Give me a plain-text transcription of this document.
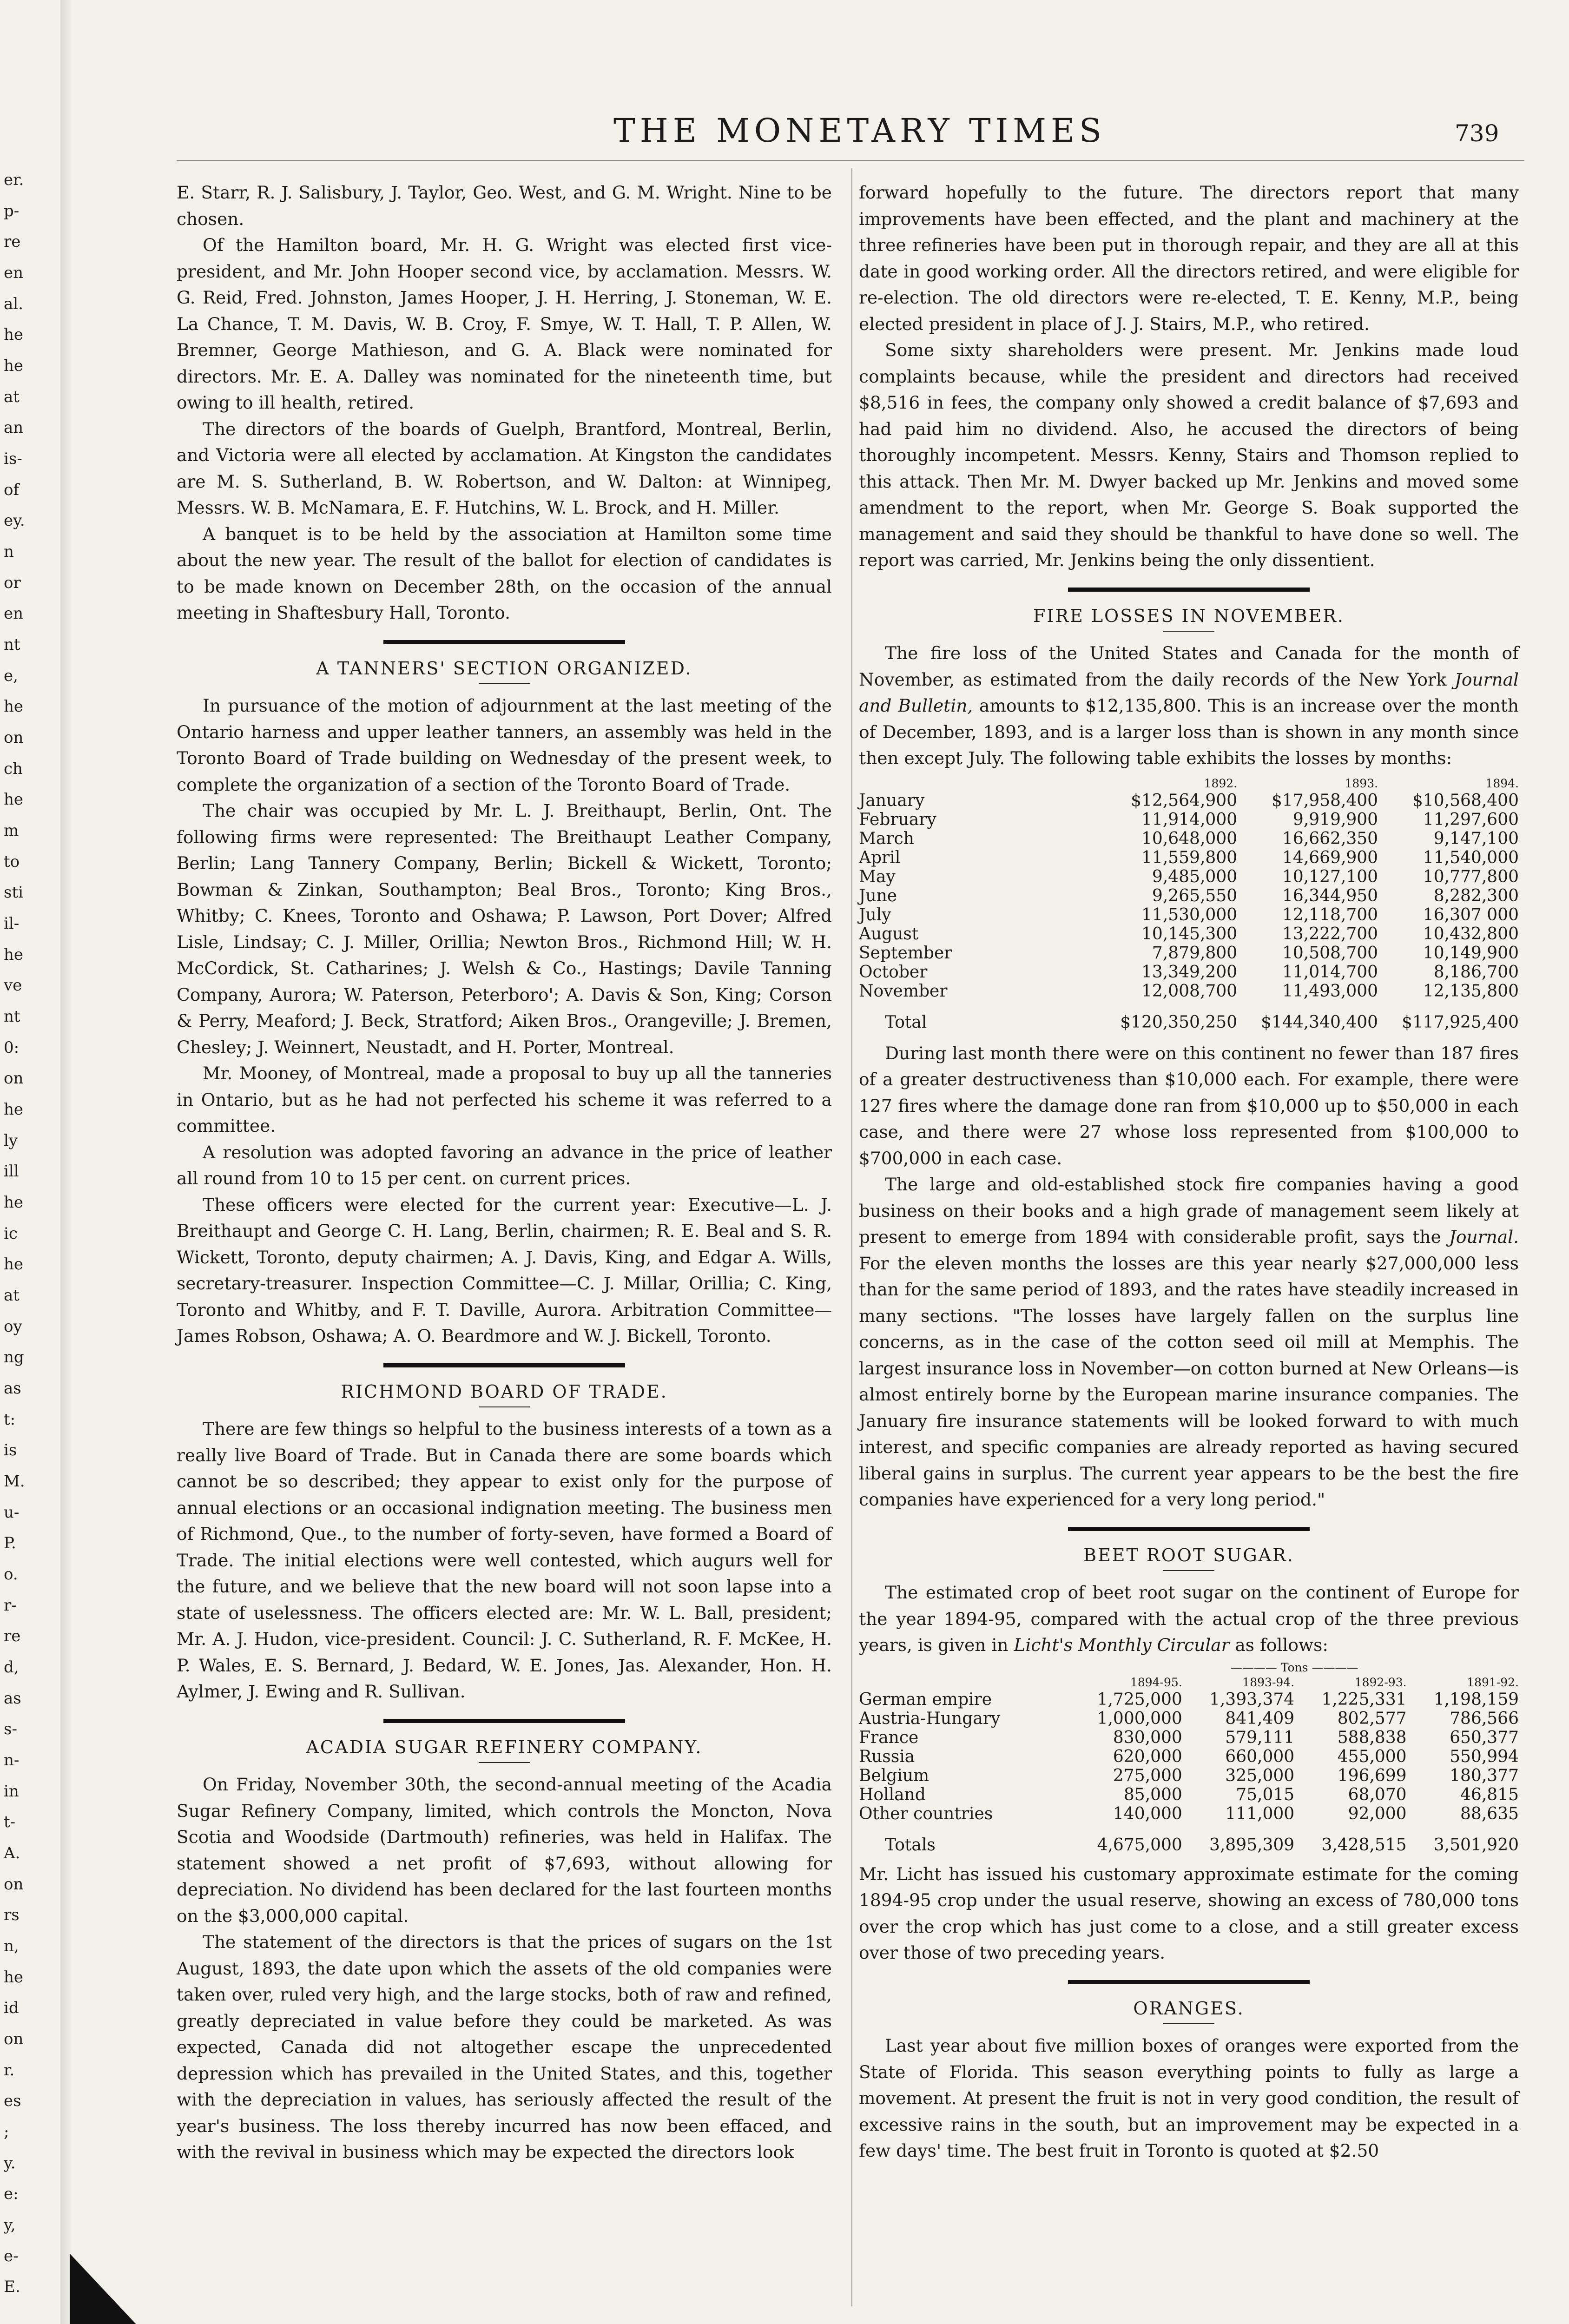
er.
p-
re
en
al.
he
he
at
an
is-
of
ey.
n
or
en
nt
e,
he
on
ch
he
m
to
sti
il-
he
ve
nt
0:
on
he
ly
ill
he
ic
he
at
oy
ng
as
t:
is
M.
u-
P.
o.
r-
re
d,
as
s-
n-
in
t-
A.
on
rs
n,
he
id
on
r.
es
;
y.
e:
y,
e-
E.
THE MONETARY TIMES	739

E. Starr, R. J. Salisbury, J. Taylor, Geo. West, and G. M. Wright. Nine to be chosen.

Of the Hamilton board, Mr. H. G. Wright was elected first vice-president, and Mr. John Hooper second vice, by acclamation. Messrs. W. G. Reid, Fred. Johnston, James Hooper, J. H. Herring, J. Stoneman, W. E. La Chance, T. M. Davis, W. B. Croy, F. Smye, W. T. Hall, T. P. Allen, W. Bremner, George Mathieson, and G. A. Black were nominated for directors. Mr. E. A. Dalley was nominated for the nineteenth time, but owing to ill health, retired.

The directors of the boards of Guelph, Brantford, Montreal, Berlin, and Victoria were all elected by acclamation. At Kingston the candidates are M. S. Sutherland, B. W. Robertson, and W. Dalton: at Winnipeg, Messrs. W. B. McNamara, E. F. Hutchins, W. L. Brock, and H. Miller.

A banquet is to be held by the association at Hamilton some time about the new year. The result of the ballot for election of candidates is to be made known on December 28th, on the occasion of the annual meeting in Shaftesbury Hall, Toronto.

A TANNERS' SECTION ORGANIZED.

In pursuance of the motion of adjournment at the last meeting of the Ontario harness and upper leather tanners, an assembly was held in the Toronto Board of Trade building on Wednesday of the present week, to complete the organization of a section of the Toronto Board of Trade.

The chair was occupied by Mr. L. J. Breithaupt, Berlin, Ont. The following firms were represented: The Breithaupt Leather Company, Berlin; Lang Tannery Company, Berlin; Bickell & Wickett, Toronto; Bowman & Zinkan, Southampton; Beal Bros., Toronto; King Bros., Whitby; C. Knees, Toronto and Oshawa; P. Lawson, Port Dover; Alfred Lisle, Lindsay; C. J. Miller, Orillia; Newton Bros., Richmond Hill; W. H. McCordick, St. Catharines; J. Welsh & Co., Hastings; Davile Tanning Company, Aurora; W. Paterson, Peterboro'; A. Davis & Son, King; Corson & Perry, Meaford; J. Beck, Stratford; Aiken Bros., Orangeville; J. Bremen, Chesley; J. Weinnert, Neustadt, and H. Porter, Montreal.

Mr. Mooney, of Montreal, made a proposal to buy up all the tanneries in Ontario, but as he had not perfected his scheme it was referred to a committee.

A resolution was adopted favoring an advance in the price of leather all round from 10 to 15 per cent. on current prices.

These officers were elected for the current year: Executive—L. J. Breithaupt and George C. H. Lang, Berlin, chairmen; R. E. Beal and S. R. Wickett, Toronto, deputy chairmen; A. J. Davis, King, and Edgar A. Wills, secretary-treasurer. Inspection Committee—C. J. Millar, Orillia; C. King, Toronto and Whitby, and F. T. Daville, Aurora. Arbitration Committee—James Robson, Oshawa; A. O. Beardmore and W. J. Bickell, Toronto.

RICHMOND BOARD OF TRADE.

There are few things so helpful to the business interests of a town as a really live Board of Trade. But in Canada there are some boards which cannot be so described; they appear to exist only for the purpose of annual elections or an occasional indignation meeting. The business men of Richmond, Que., to the number of forty-seven, have formed a Board of Trade. The initial elections were well contested, which augurs well for the future, and we believe that the new board will not soon lapse into a state of uselessness. The officers elected are: Mr. W. L. Ball, president; Mr. A. J. Hudon, vice-president. Council: J. C. Sutherland, R. F. McKee, H. P. Wales, E. S. Bernard, J. Bedard, W. E. Jones, Jas. Alexander, Hon. H. Aylmer, J. Ewing and R. Sullivan.

ACADIA SUGAR REFINERY COMPANY.

On Friday, November 30th, the second-annual meeting of the Acadia Sugar Refinery Company, limited, which controls the Moncton, Nova Scotia and Woodside (Dartmouth) refineries, was held in Halifax. The statement showed a net profit of $7,693, without allowing for depreciation. No dividend has been declared for the last fourteen months on the $3,000,000 capital.

The statement of the directors is that the prices of sugars on the 1st August, 1893, the date upon which the assets of the old companies were taken over, ruled very high, and the large stocks, both of raw and refined, greatly depreciated in value before they could be marketed. As was expected, Canada did not altogether escape the unprecedented depression which has prevailed in the United States, and this, together with the depreciation in values, has seriously affected the result of the year's business. The loss thereby incurred has now been effaced, and with the revival in business which may be expected the directors look

forward hopefully to the future. The directors report that many improvements have been effected, and the plant and machinery at the three refineries have been put in thorough repair, and they are all at this date in good working order. All the directors retired, and were eligible for re-election. The old directors were re-elected, T. E. Kenny, M.P., being elected president in place of J. J. Stairs, M.P., who retired.

Some sixty shareholders were present. Mr. Jenkins made loud complaints because, while the president and directors had received $8,516 in fees, the company only showed a credit balance of $7,693 and had paid him no dividend. Also, he accused the directors of being thoroughly incompetent. Messrs. Kenny, Stairs and Thomson replied to this attack. Then Mr. M. Dwyer backed up Mr. Jenkins and moved some amendment to the report, when Mr. George S. Boak supported the management and said they should be thankful to have done so well. The report was carried, Mr. Jenkins being the only dissentient.

FIRE LOSSES IN NOVEMBER.

The fire loss of the United States and Canada for the month of November, as estimated from the daily records of the New York Journal and Bulletin, amounts to $12,135,800. This is an increase over the month of December, 1893, and is a larger loss than is shown in any month since then except July. The following table exhibits the losses by months:

	1892.	1893.	1894.
January	$12,564,900	$17,958,400	$10,568,400
February	11,914,000	9,919,900	11,297,600
March	10,648,000	16,662,350	9,147,100
April	11,559,800	14,669,900	11,540,000
May	9,485,000	10,127,100	10,777,800
June	9,265,550	16,344,950	8,282,300
July	11,530,000	12,118,700	16,307 000
August	10,145,300	13,222,700	10,432,800
September	7,879,800	10,508,700	10,149,900
October	13,349,200	11,014,700	8,186,700
November	12,008,700	11,493,000	12,135,800
Total	$120,350,250	$144,340,400	$117,925,400

During last month there were on this continent no fewer than 187 fires of a greater destructiveness than $10,000 each. For example, there were 127 fires where the damage done ran from $10,000 up to $50,000 in each case, and there were 27 whose loss represented from $100,000 to $700,000 in each case.

The large and old-established stock fire companies having a good business on their books and a high grade of management seem likely at present to emerge from 1894 with considerable profit, says the Journal. For the eleven months the losses are this year nearly $27,000,000 less than for the same period of 1893, and the rates have steadily increased in many sections. "The losses have largely fallen on the surplus line concerns, as in the case of the cotton seed oil mill at Memphis. The largest insurance loss in November—on cotton burned at New Orleans—is almost entirely borne by the European marine insurance companies. The January fire insurance statements will be looked forward to with much interest, and specific companies are already reported as having secured liberal gains in surplus. The current year appears to be the best the fire companies have experienced for a very long period."

BEET ROOT SUGAR.

The estimated crop of beet root sugar on the continent of Europe for the year 1894-95, compared with the actual crop of the three previous years, is given in Licht's Monthly Circular as follows:

	———— Tons ————			
	1894-95.	1893-94.	1892-93.	1891-92.
German empire	1,725,000	1,393,374	1,225,331	1,198,159
Austria-Hungary	1,000,000	841,409	802,577	786,566
France	830,000	579,111	588,838	650,377
Russia	620,000	660,000	455,000	550,994
Belgium	275,000	325,000	196,699	180,377
Holland	85,000	75,015	68,070	46,815
Other countries	140,000	111,000	92,000	88,635
Totals	4,675,000	3,895,309	3,428,515	3,501,920

Mr. Licht has issued his customary approximate estimate for the coming 1894-95 crop under the usual reserve, showing an excess of 780,000 tons over the crop which has just come to a close, and a still greater excess over those of two preceding years.

ORANGES.

Last year about five million boxes of oranges were exported from the State of Florida. This season everything points to fully as large a movement. At present the fruit is not in very good condition, the result of excessive rains in the south, but an improvement may be expected in a few days' time. The best fruit in Toronto is quoted at $2.50
